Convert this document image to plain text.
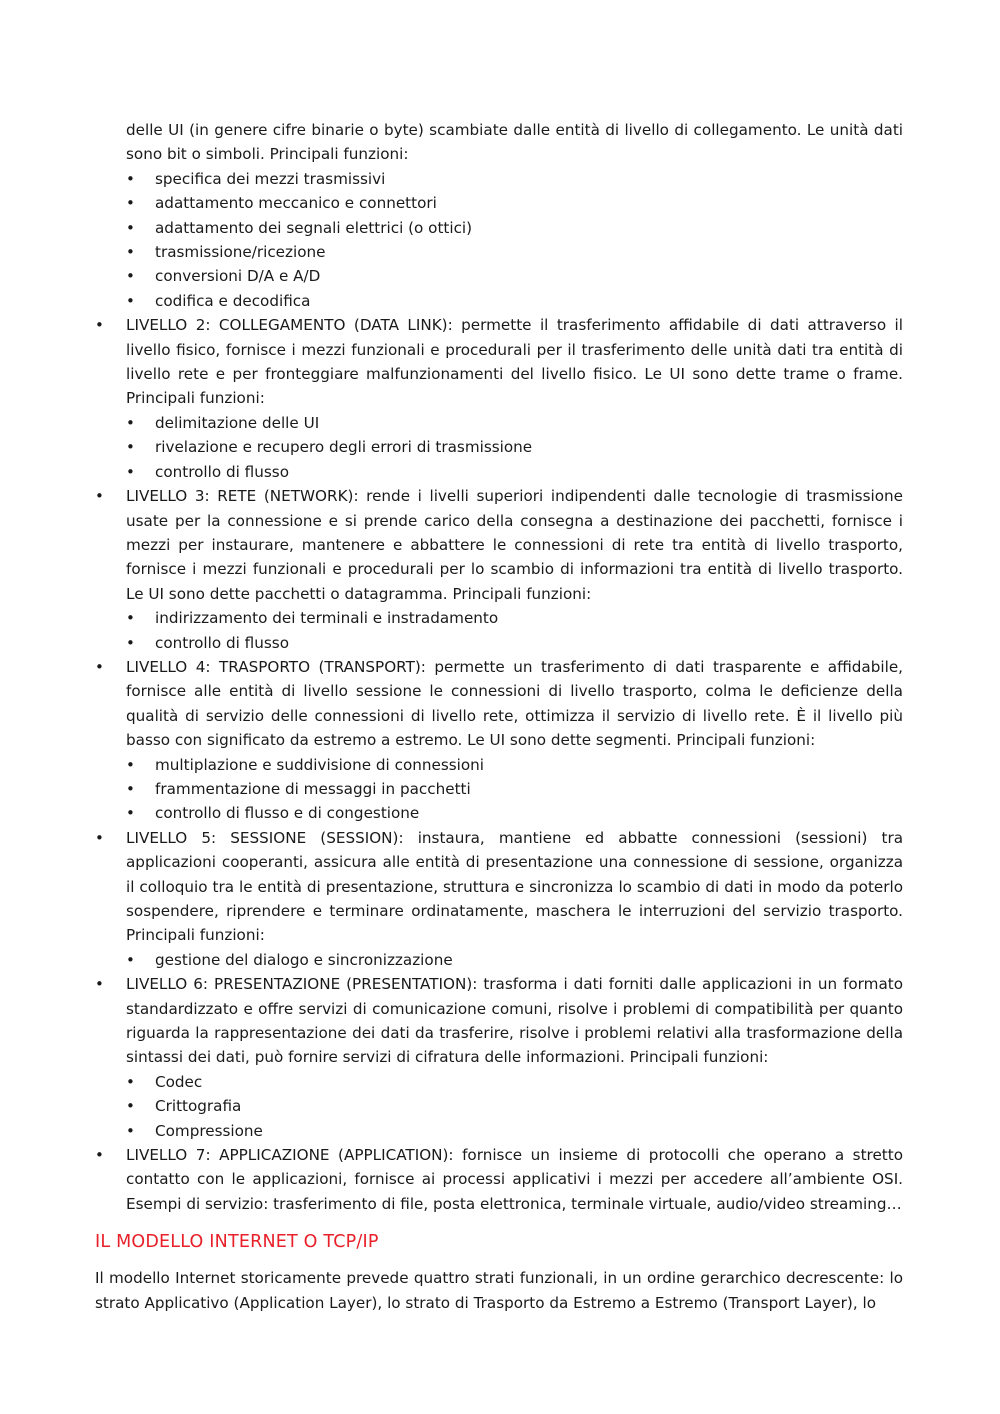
delle UI (in genere cifre binarie o byte) scambiate dalle entità di livello di collegamento. Le unità dati sono bit o simboli. Principali funzioni:

• specifica dei mezzi trasmissivi
• adattamento meccanico e connettori
• adattamento dei segnali elettrici (o ottici)
• trasmissione/ricezione
• conversioni D/A e A/D
• codifica e decodifica
• LIVELLO 2: COLLEGAMENTO (DATA LINK): permette il trasferimento affidabile di dati attraverso il livello fisico, fornisce i mezzi funzionali e procedurali per il trasferimento delle unità dati tra entità di livello rete e per fronteggiare malfunzionamenti del livello fisico. Le UI sono dette trame o frame. Principali funzioni:
• delimitazione delle UI
• rivelazione e recupero degli errori di trasmissione
• controllo di flusso
• LIVELLO 3: RETE (NETWORK): rende i livelli superiori indipendenti dalle tecnologie di trasmissione usate per la connessione e si prende carico della consegna a destinazione dei pacchetti, fornisce i mezzi per instaurare, mantenere e abbattere le connessioni di rete tra entità di livello trasporto, fornisce i mezzi funzionali e procedurali per lo scambio di informazioni tra entità di livello trasporto. Le UI sono dette pacchetti o datagramma. Principali funzioni:
• indirizzamento dei terminali e instradamento
• controllo di flusso
• LIVELLO 4: TRASPORTO (TRANSPORT): permette un trasferimento di dati trasparente e affidabile, fornisce alle entità di livello sessione le connessioni di livello trasporto, colma le deficienze della qualità di servizio delle connessioni di livello rete, ottimizza il servizio di livello rete. È il livello più basso con significato da estremo a estremo. Le UI sono dette segmenti. Principali funzioni:
• multiplazione e suddivisione di connessioni
• frammentazione di messaggi in pacchetti
• controllo di flusso e di congestione
• LIVELLO 5: SESSIONE (SESSION): instaura, mantiene ed abbatte connessioni (sessioni) tra applicazioni cooperanti, assicura alle entità di presentazione una connessione di sessione, organizza il colloquio tra le entità di presentazione, struttura e sincronizza lo scambio di dati in modo da poterlo sospendere, riprendere e terminare ordinatamente, maschera le interruzioni del servizio trasporto. Principali funzioni:
• gestione del dialogo e sincronizzazione
• LIVELLO 6: PRESENTAZIONE (PRESENTATION): trasforma i dati forniti dalle applicazioni in un formato standardizzato e offre servizi di comunicazione comuni, risolve i problemi di compatibilità per quanto riguarda la rappresentazione dei dati da trasferire, risolve i problemi relativi alla trasformazione della sintassi dei dati, può fornire servizi di cifratura delle informazioni. Principali funzioni:
• Codec
• Crittografia
• Compressione
• LIVELLO 7: APPLICAZIONE (APPLICATION): fornisce un insieme di protocolli che operano a stretto contatto con le applicazioni, fornisce ai processi applicativi i mezzi per accedere all’ambiente OSI. Esempi di servizio: trasferimento di file, posta elettronica, terminale virtuale, audio/video streaming…
IL MODELLO INTERNET O TCP/IP

Il modello Internet storicamente prevede quattro strati funzionali, in un ordine gerarchico decrescente: lo strato Applicativo (Application Layer), lo strato di Trasporto da Estremo a Estremo (Transport Layer), lo
